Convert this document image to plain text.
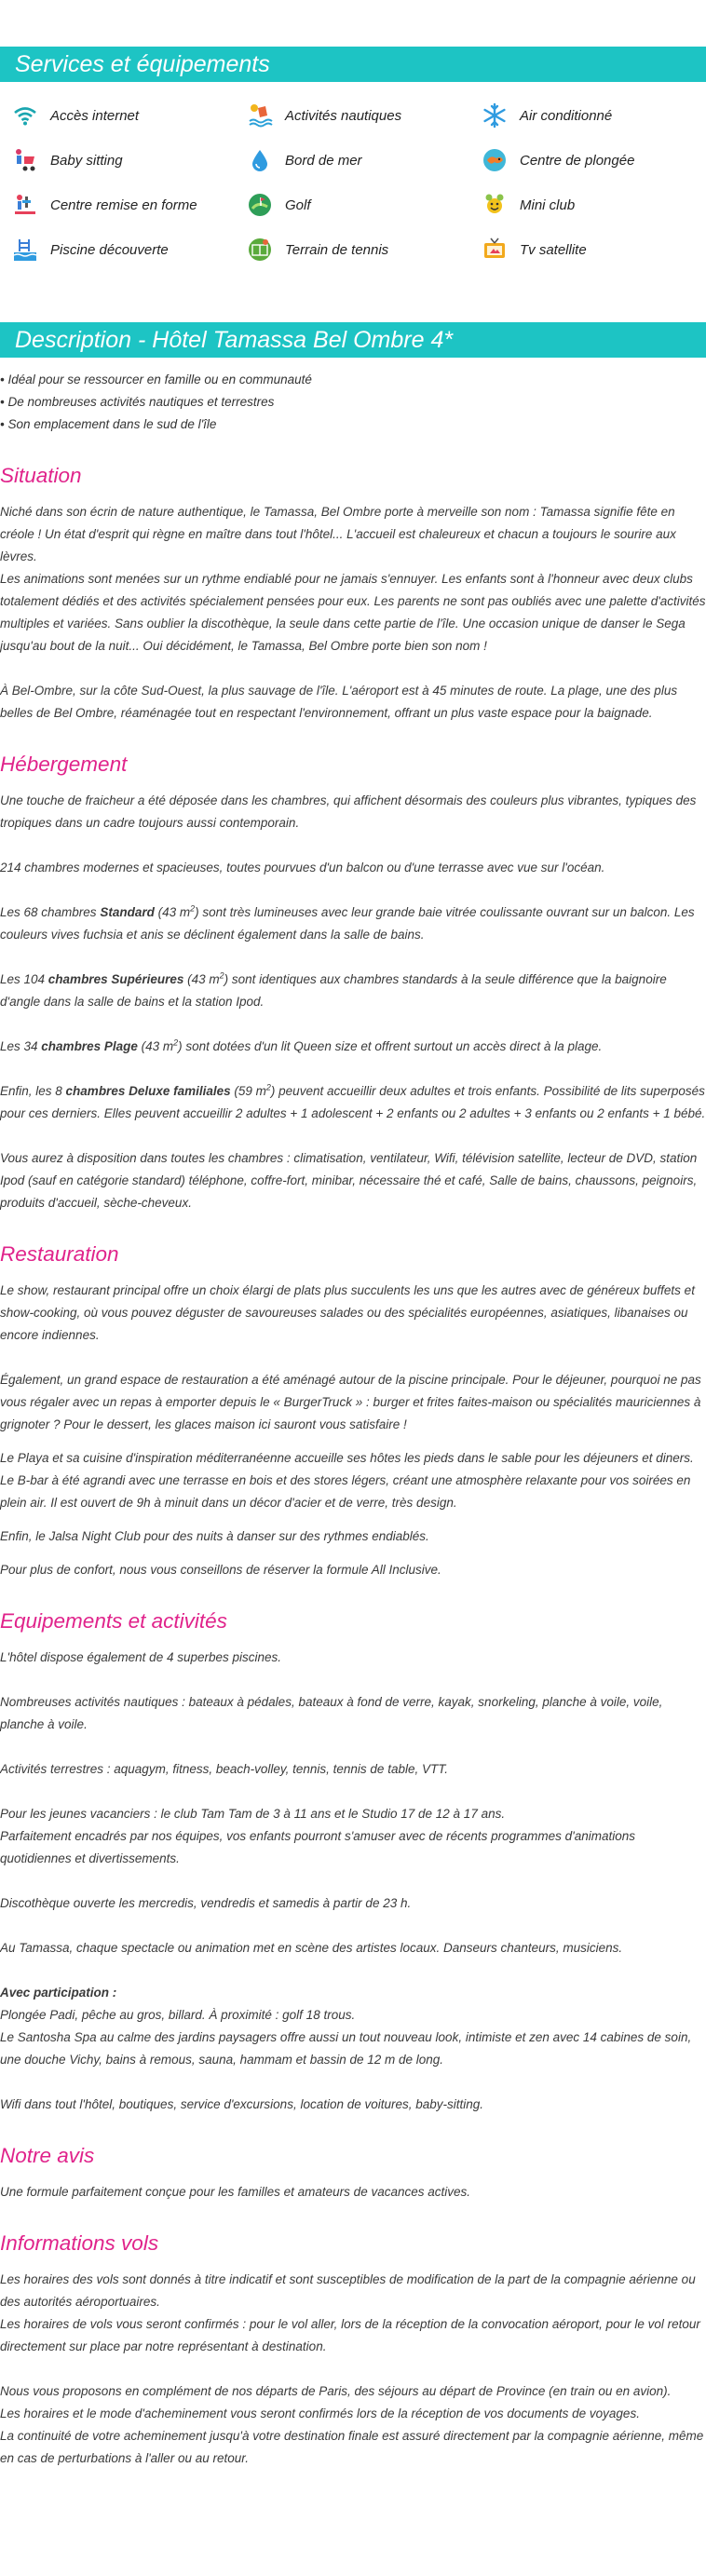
Services et équipements
Accès internet	Activités nautiques	Air conditionné
Baby sitting	Bord de mer	Centre de plongée
Centre remise en forme	Golf	Mini club
Piscine découverte	Terrain de tennis	Tv satellite
Description - Hôtel Tamassa Bel Ombre 4*
• Idéal pour se ressourcer en famille ou en communauté
• De nombreuses activités nautiques et terrestres
• Son emplacement dans le sud de l'île
Situation

Niché dans son écrin de nature authentique, le Tamassa, Bel Ombre porte à merveille son nom : Tamassa signifie fête en créole ! Un état d'esprit qui règne en maître dans tout l'hôtel... L'accueil est chaleureux et chacun a toujours le sourire aux lèvres.

Les animations sont menées sur un rythme endiablé pour ne jamais s'ennuyer. Les enfants sont à l'honneur avec deux clubs totalement dédiés et des activités spécialement pensées pour eux. Les parents ne sont pas oubliés avec une palette d'activités multiples et variées. Sans oublier la discothèque, la seule dans cette partie de l'île. Une occasion unique de danser le Sega jusqu'au bout de la nuit... Oui décidément, le Tamassa, Bel Ombre porte bien son nom !

À Bel-Ombre, sur la côte Sud-Ouest, la plus sauvage de l'île. L'aéroport est à 45 minutes de route. La plage, une des plus belles de Bel Ombre, réaménagée tout en respectant l'environnement, offrant un plus vaste espace pour la baignade.

Hébergement

Une touche de fraicheur a été déposée dans les chambres, qui affichent désormais des couleurs plus vibrantes, typiques des tropiques dans un cadre toujours aussi contemporain.

214 chambres modernes et spacieuses, toutes pourvues d'un balcon ou d'une terrasse avec vue sur l'océan.

Les 68 chambres Standard (43 $m^2$) sont très lumineuses avec leur grande baie vitrée coulissante ouvrant sur un balcon. Les couleurs vives fuchsia et anis se déclinent également dans la salle de bains.

Les 104 chambres Supérieures (43 $m^2$) sont identiques aux chambres standards à la seule différence que la baignoire d'angle dans la salle de bains et la station Ipod.

Les 34 chambres Plage (43 $m^2$) sont dotées d'un lit Queen size et offrent surtout un accès direct à la plage.

Enfin, les 8 chambres Deluxe familiales (59 $m^2$) peuvent accueillir deux adultes et trois enfants. Possibilité de lits superposés pour ces derniers. Elles peuvent accueillir 2 adultes + 1 adolescent + 2 enfants ou 2 adultes + 3 enfants ou 2 enfants + 1 bébé.

Vous aurez à disposition dans toutes les chambres : climatisation, ventilateur, Wifi, télévision satellite, lecteur de DVD, station Ipod (sauf en catégorie standard) téléphone, coffre-fort, minibar, nécessaire thé et café, Salle de bains, chaussons, peignoirs, produits d'accueil, sèche-cheveux.

Restauration

Le show, restaurant principal offre un choix élargi de plats plus succulents les uns que les autres avec de généreux buffets et show-cooking, où vous pouvez déguster de savoureuses salades ou des spécialités européennes, asiatiques, libanaises ou encore indiennes.

Également, un grand espace de restauration a été aménagé autour de la piscine principale. Pour le déjeuner, pourquoi ne pas vous régaler avec un repas à emporter depuis le « BurgerTruck » : burger et frites faites-maison ou spécialités mauriciennes à grignoter ? Pour le dessert, les glaces maison ici sauront vous satisfaire !

Le Playa et sa cuisine d'inspiration méditerranéenne accueille ses hôtes les pieds dans le sable pour les déjeuners et diners.

Le B-bar à été agrandi avec une terrasse en bois et des stores légers, créant une atmosphère relaxante pour vos soirées en plein air. Il est ouvert de 9h à minuit dans un décor d'acier et de verre, très design.

Enfin, le Jalsa Night Club pour des nuits à danser sur des rythmes endiablés.

Pour plus de confort, nous vous conseillons de réserver la formule All Inclusive.

Equipements et activités

L'hôtel dispose également de 4 superbes piscines.

Nombreuses activités nautiques : bateaux à pédales, bateaux à fond de verre, kayak, snorkeling, planche à voile, voile, planche à voile.

Activités terrestres : aquagym, fitness, beach-volley, tennis, tennis de table, VTT.

Pour les jeunes vacanciers : le club Tam Tam de 3 à 11 ans et le Studio 17 de 12 à 17 ans.

Parfaitement encadrés par nos équipes, vos enfants pourront s'amuser avec de récents programmes d'animations quotidiennes et divertissements.

Discothèque ouverte les mercredis, vendredis et samedis à partir de 23 h.

Au Tamassa, chaque spectacle ou animation met en scène des artistes locaux. Danseurs chanteurs, musiciens.

Avec participation :

Plongée Padi, pêche au gros, billard. À proximité : golf 18 trous.

Le Santosha Spa au calme des jardins paysagers offre aussi un tout nouveau look, intimiste et zen avec 14 cabines de soin, une douche Vichy, bains à remous, sauna, hammam et bassin de 12 m de long.

Wifi dans tout l'hôtel, boutiques, service d'excursions, location de voitures, baby-sitting.

Notre avis

Une formule parfaitement conçue pour les familles et amateurs de vacances actives.

Informations vols

Les horaires des vols sont donnés à titre indicatif et sont susceptibles de modification de la part de la compagnie aérienne ou des autorités aéroportuaires.

Les horaires de vols vous seront confirmés : pour le vol aller, lors de la réception de la convocation aéroport, pour le vol retour directement sur place par notre représentant à destination.

Nous vous proposons en complément de nos départs de Paris, des séjours au départ de Province (en train ou en avion).

Les horaires et le mode d'acheminement vous seront confirmés lors de la réception de vos documents de voyages.

La continuité de votre acheminement jusqu'à votre destination finale est assuré directement par la compagnie aérienne, même en cas de perturbations à l'aller ou au retour.
